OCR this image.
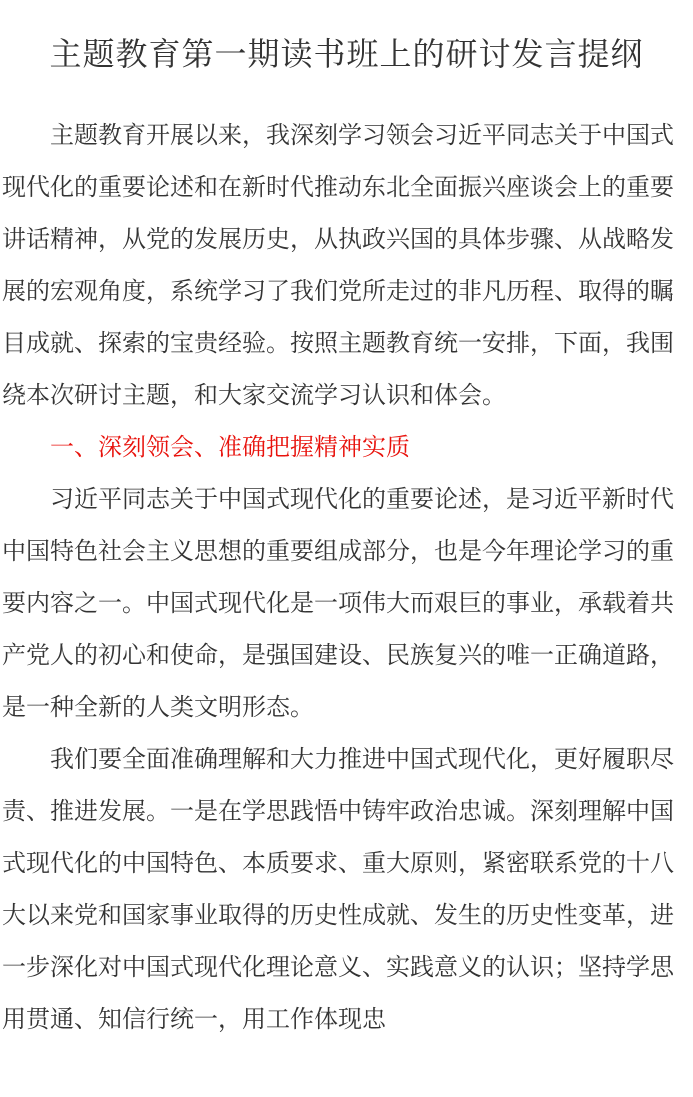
主题教育第一期读书班上的研讨发言提纲

主题教育开展以来，我深刻学习领会习近平同志关于中国式现代化的重要论述和在新时代推动东北全面振兴座谈会上的重要讲话精神，从党的发展历史，从执政兴国的具体步骤、从战略发展的宏观角度，系统学习了我们党所走过的非凡历程、取得的瞩目成就、探索的宝贵经验。按照主题教育统一安排，下面，我围绕本次研讨主题，和大家交流学习认识和体会。

一、深刻领会、准确把握精神实质

习近平同志关于中国式现代化的重要论述，是习近平新时代中国特色社会主义思想的重要组成部分，也是今年理论学习的重要内容之一。中国式现代化是一项伟大而艰巨的事业，承载着共产党人的初心和使命，是强国建设、民族复兴的唯一正确道路，是一种全新的人类文明形态。

我们要全面准确理解和大力推进中国式现代化，更好履职尽责、推进发展。一是在学思践悟中铸牢政治忠诚。深刻理解中国式现代化的中国特色、本质要求、重大原则，紧密联系党的十八大以来党和国家事业取得的历史性成就、发生的历史性变革，进一步深化对中国式现代化理论意义、实践意义的认识；坚持学思用贯通、知信行统一，用工作体现忠
